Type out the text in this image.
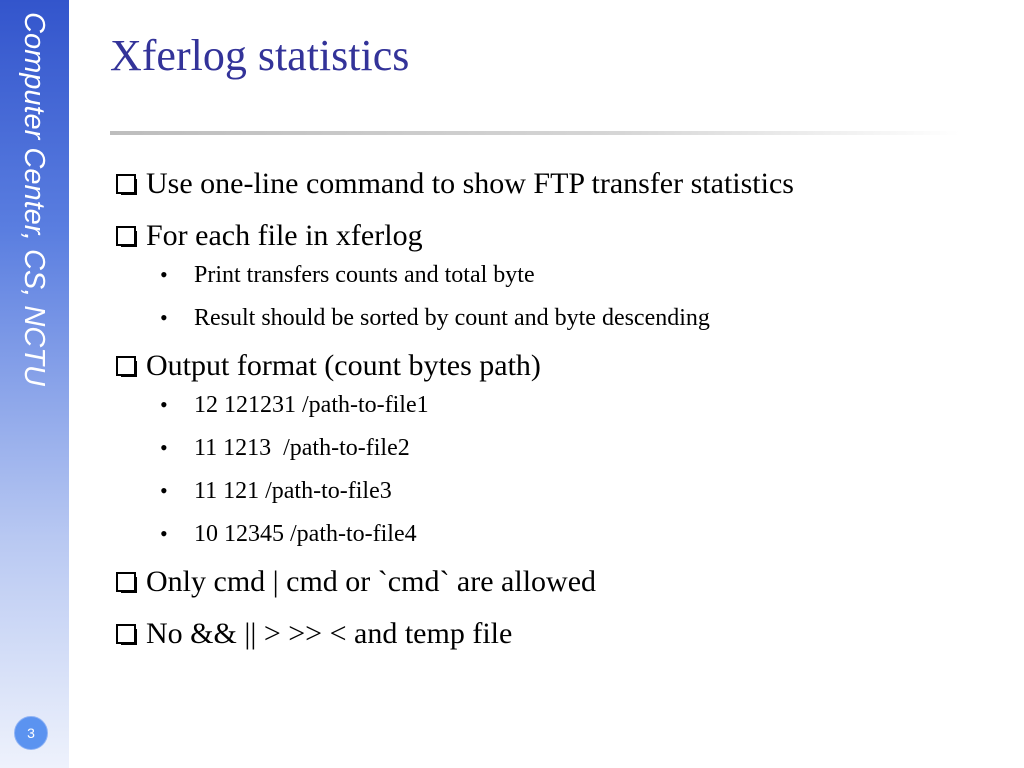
Computer Center, CS, NCTU
3
Xferlog statistics
Use one-line command to show FTP transfer statistics
For each file in xferlog
•	Print transfers counts and total byte
•	Result should be sorted by count and byte descending
Output format (count bytes path)
•	12 121231 /path-to-file1
•	11 1213  /path-to-file2
•	11 121 /path-to-file3
•	10 12345 /path-to-file4
Only cmd | cmd or `cmd` are allowed
No && || > >> < and temp file
